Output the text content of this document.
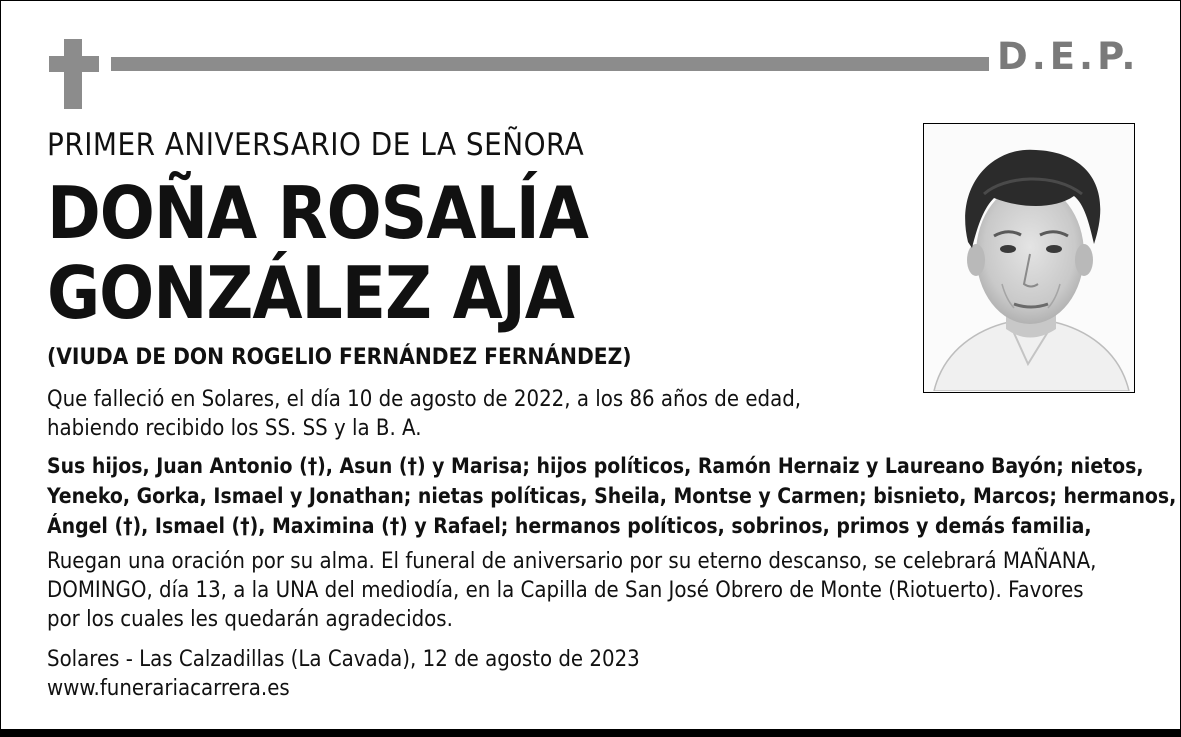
D.E.P.
PRIMER ANIVERSARIO DE LA SEÑORA
DOÑA ROSALÍA
GONZÁLEZ AJA
(VIUDA DE DON ROGELIO FERNÁNDEZ FERNÁNDEZ)
Que falleció en Solares, el día 10 de agosto de 2022, a los 86 años de edad,
habiendo recibido los SS. SS y la B. A.
Sus hijos, Juan Antonio (†), Asun (†) y Marisa; hijos políticos, Ramón Hernaiz y Laureano Bayón; nietos,
Yeneko, Gorka, Ismael y Jonathan; nietas políticas, Sheila, Montse y Carmen; bisnieto, Marcos; hermanos,
Ángel (†), Ismael (†), Maximina (†) y Rafael; hermanos políticos, sobrinos, primos y demás familia,
Ruegan una oración por su alma. El funeral de aniversario por su eterno descanso, se celebrará MAÑANA,
DOMINGO, día 13, a la UNA del mediodía, en la Capilla de San José Obrero de Monte (Riotuerto). Favores
por los cuales les quedarán agradecidos.
Solares - Las Calzadillas (La Cavada), 12 de agosto de 2023
www.funerariacarrera.es
